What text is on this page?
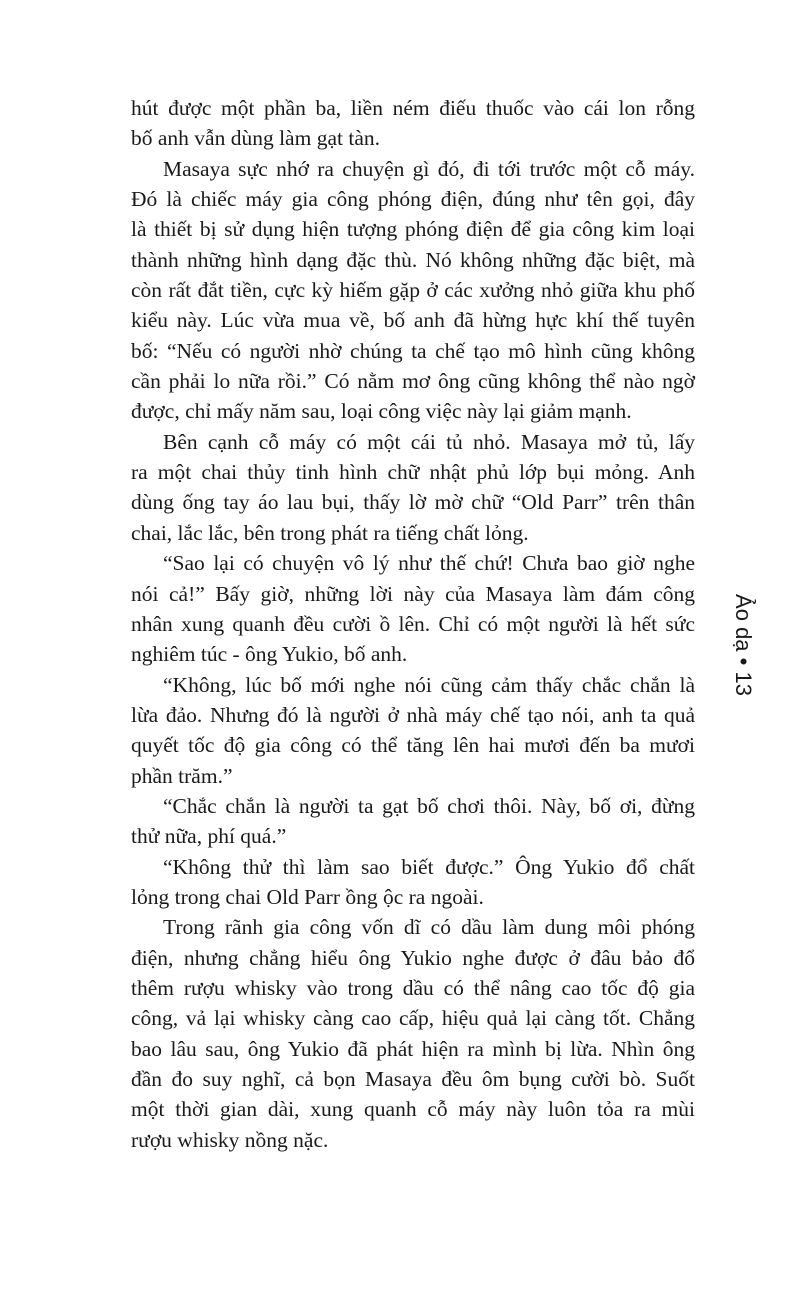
hút được một phần ba, liền ném điếu thuốc vào cái lon rỗng
bố anh vẫn dùng làm gạt tàn.
Masaya sực nhớ ra chuyện gì đó, đi tới trước một cỗ máy.
Đó là chiếc máy gia công phóng điện, đúng như tên gọi, đây
là thiết bị sử dụng hiện tượng phóng điện để gia công kim loại
thành những hình dạng đặc thù. Nó không những đặc biệt, mà
còn rất đắt tiền, cực kỳ hiếm gặp ở các xưởng nhỏ giữa khu phố
kiểu này. Lúc vừa mua về, bố anh đã hừng hực khí thế tuyên
bố: “Nếu có người nhờ chúng ta chế tạo mô hình cũng không
cần phải lo nữa rồi.” Có nằm mơ ông cũng không thể nào ngờ
được, chỉ mấy năm sau, loại công việc này lại giảm mạnh.
Bên cạnh cỗ máy có một cái tủ nhỏ. Masaya mở tủ, lấy
ra một chai thủy tinh hình chữ nhật phủ lớp bụi mỏng. Anh
dùng ống tay áo lau bụi, thấy lờ mờ chữ “Old Parr” trên thân
chai, lắc lắc, bên trong phát ra tiếng chất lỏng.
“Sao lại có chuyện vô lý như thế chứ! Chưa bao giờ nghe
nói cả!” Bấy giờ, những lời này của Masaya làm đám công
nhân xung quanh đều cười ồ lên. Chỉ có một người là hết sức
nghiêm túc - ông Yukio, bố anh.
“Không, lúc bố mới nghe nói cũng cảm thấy chắc chắn là
lừa đảo. Nhưng đó là người ở nhà máy chế tạo nói, anh ta quả
quyết tốc độ gia công có thể tăng lên hai mươi đến ba mươi
phần trăm.”
“Chắc chắn là người ta gạt bố chơi thôi. Này, bố ơi, đừng
thử nữa, phí quá.”
“Không thử thì làm sao biết được.” Ông Yukio đổ chất
lỏng trong chai Old Parr ồng ộc ra ngoài.
Trong rãnh gia công vốn dĩ có dầu làm dung môi phóng
điện, nhưng chẳng hiểu ông Yukio nghe được ở đâu bảo đổ
thêm rượu whisky vào trong dầu có thể nâng cao tốc độ gia
công, vả lại whisky càng cao cấp, hiệu quả lại càng tốt. Chẳng
bao lâu sau, ông Yukio đã phát hiện ra mình bị lừa. Nhìn ông
đần đo suy nghĩ, cả bọn Masaya đều ôm bụng cười bò. Suốt
một thời gian dài, xung quanh cỗ máy này luôn tỏa ra mùi
rượu whisky nồng nặc.
Ảo dạ • 13
